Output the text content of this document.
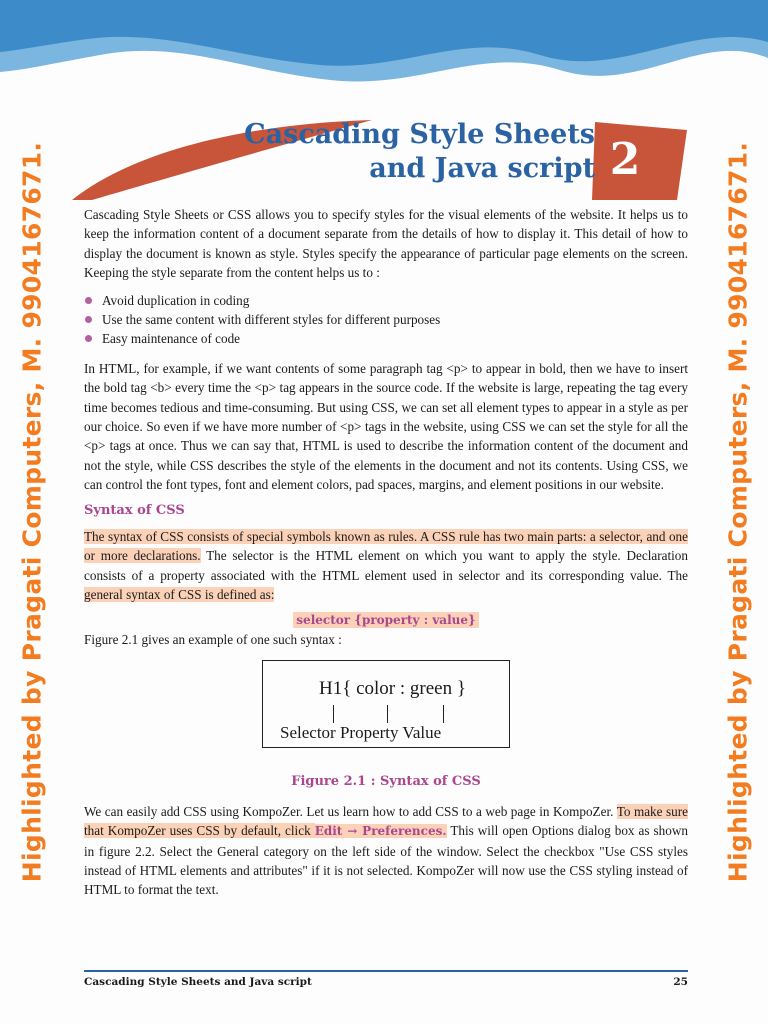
Highlighted by Pragati Computers, M. 9904167671.	Highlighted by Pragati Computers, M. 9904167671.
Cascading Style Sheets
and Java script 2

Cascading Style Sheets or CSS allows you to specify styles for the visual elements of the website. It helps us to keep the information content of a document separate from the details of how to display it. This detail of how to display the document is known as style. Styles specify the appearance of particular page elements on the screen. Keeping the style separate from the content helps us to :

Avoid duplication in coding
Use the same content with different styles for different purposes
Easy maintenance of code

In HTML, for example, if we want contents of some paragraph tag <p> to appear in bold, then we have to insert the bold tag <b> every time the <p> tag appears in the source code. If the website is large, repeating the tag every time becomes tedious and time-consuming. But using CSS, we can set all element types to appear in a style as per our choice. So even if we have more number of <p> tags in the website, using CSS we can set the style for all the <p> tags at once. Thus we can say that, HTML is used to describe the information content of the document and not the style, while CSS describes the style of the elements in the document and not its contents. Using CSS, we can control the font types, font and element colors, pad spaces, margins, and element positions in our website.

Syntax of CSS

The syntax of CSS consists of special symbols known as rules. A CSS rule has two main parts: a selector, and one or more declarations. The selector is the HTML element on which you want to apply the style. Declaration consists of a property associated with the HTML element used in selector and its corresponding value. The general syntax of CSS is defined as:

selector {property : value}

Figure 2.1 gives an example of one such syntax :

H1{ color : green }
Selector Property Value
Figure 2.1 : Syntax of CSS

We can easily add CSS using KompoZer. Let us learn how to add CSS to a web page in KompoZer. To make sure that KompoZer uses CSS by default, click Edit → Preferences. This will open Options dialog box as shown in figure 2.2. Select the General category on the left side of the window. Select the checkbox "Use CSS styles instead of HTML elements and attributes" if it is not selected. KompoZer will now use the CSS styling instead of HTML to format the text.

Cascading Style Sheets and Java script	25
